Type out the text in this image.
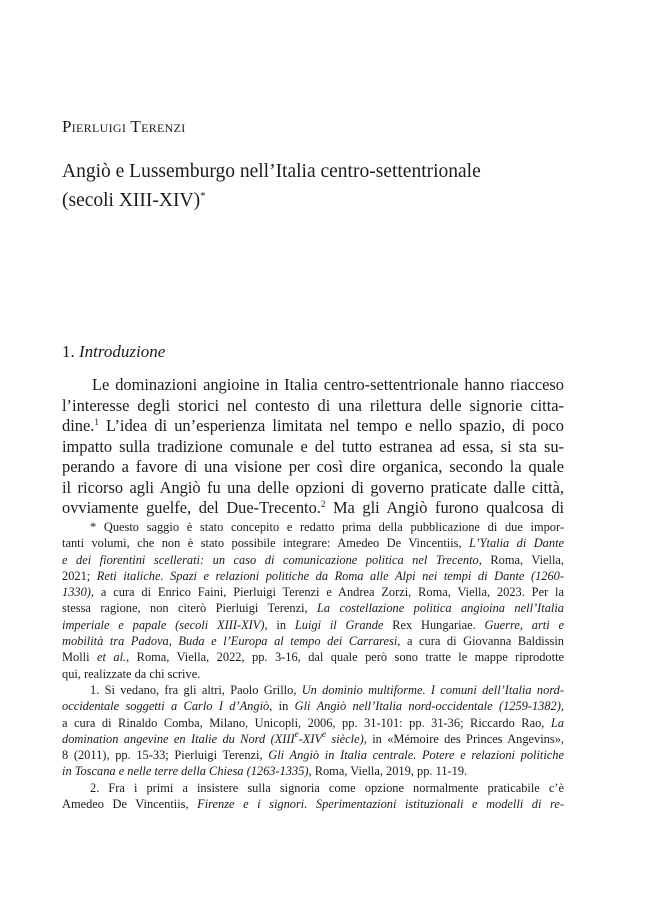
Pierluigi Terenzi
Angiò e Lussemburgo nell’Italia centro-settentrionale
(secoli XIII-XIV)*
1. Introduzione
Le dominazioni angioine in Italia centro-settentrionale hanno riacceso
l’interesse degli storici nel contesto di una rilettura delle signorie citta-
dine.$^1$ L’idea di un’esperienza limitata nel tempo e nello spazio, di poco
impatto sulla tradizione comunale e del tutto estranea ad essa, si sta su-
perando a favore di una visione per così dire organica, secondo la quale
il ricorso agli Angiò fu una delle opzioni di governo praticate dalle città,
ovviamente guelfe, del Due-Trecento.$^2$ Ma gli Angiò furono qualcosa di
* Questo saggio è stato concepito e redatto prima della pubblicazione di due impor-
tanti volumi, che non è stato possibile integrare: Amedeo De Vincentiis, L’Ytalia di Dante
e dei fiorentini scellerati: un caso di comunicazione politica nel Trecento, Roma, Viella,
2021; Reti italiche. Spazi e relazioni politiche da Roma alle Alpi nei tempi di Dante (1260-
1330), a cura di Enrico Faini, Pierluigi Terenzi e Andrea Zorzi, Roma, Viella, 2023. Per la
stessa ragione, non citerò Pierluigi Terenzi, La costellazione politica angioina nell’Italia
imperiale e papale (secoli XIII-XIV), in Luigi il Grande Rex Hungariae. Guerre, arti e
mobilità tra Padova, Buda e l’Europa al tempo dei Carraresi, a cura di Giovanna Baldissin
Molli et al., Roma, Viella, 2022, pp. 3-16, dal quale però sono tratte le mappe riprodotte
qui, realizzate da chi scrive.
1. Si vedano, fra gli altri, Paolo Grillo, Un dominio multiforme. I comuni dell’Italia nord-
occidentale soggetti a Carlo I d’Angiò, in Gli Angiò nell’Italia nord-occidentale (1259-1382),
a cura di Rinaldo Comba, Milano, Unicopli, 2006, pp. 31-101: pp. 31-36; Riccardo Rao, La
domination angevine en Italie du Nord (XIIIe-XIVe siècle), in «Mémoire des Princes Angevins»,
8 (2011), pp. 15-33; Pierluigi Terenzi, Gli Angiò in Italia centrale. Potere e relazioni politiche
in Toscana e nelle terre della Chiesa (1263-1335), Roma, Viella, 2019, pp. 11-19.
2. Fra i primi a insistere sulla signoria come opzione normalmente praticabile c’è
Amedeo De Vincentiis, Firenze e i signori. Sperimentazioni istituzionali e modelli di re-
